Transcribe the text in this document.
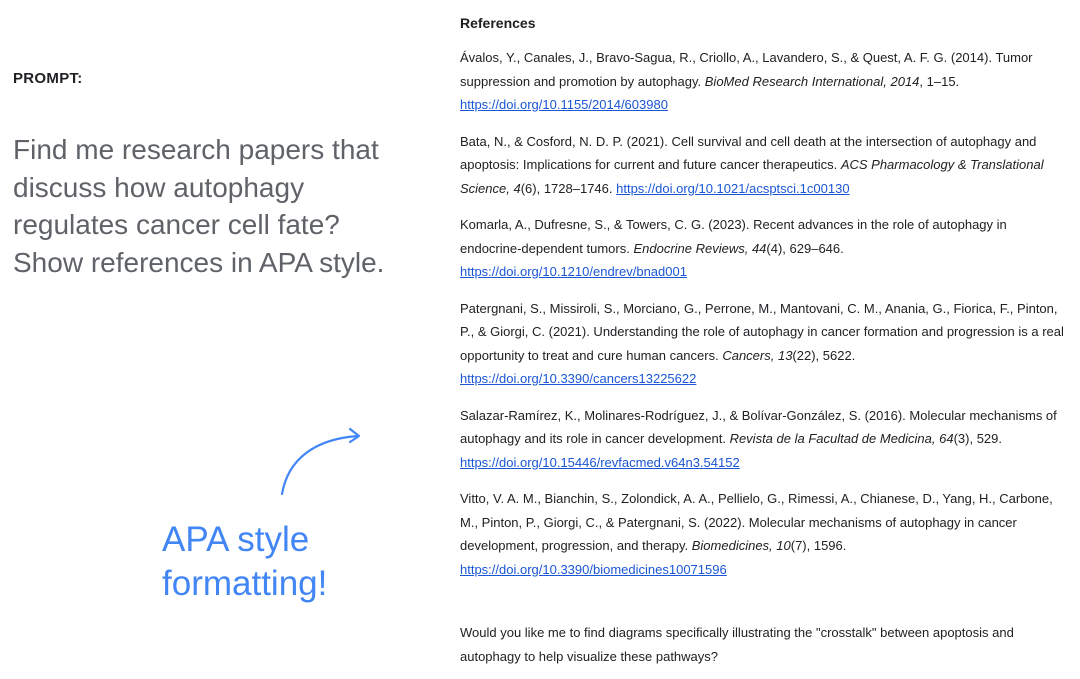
PROMPT:
Find me research papers that discuss how autophagy regulates cancer cell fate? Show references in APA style.
APA style
formatting!
References

Ávalos, Y., Canales, J., Bravo-Sagua, R., Criollo, A., Lavandero, S., & Quest, A. F. G. (2014). Tumor suppression and promotion by autophagy. BioMed Research International, 2014, 1–15.
https://doi.org/10.1155/2014/603980

Bata, N., & Cosford, N. D. P. (2021). Cell survival and cell death at the intersection of autophagy and apoptosis: Implications for current and future cancer therapeutics. ACS Pharmacology & Translational Science, 4(6), 1728–1746. https://doi.org/10.1021/acsptsci.1c00130

Komarla, A., Dufresne, S., & Towers, C. G. (2023). Recent advances in the role of autophagy in endocrine-dependent tumors. Endocrine Reviews, 44(4), 629–646.
https://doi.org/10.1210/endrev/bnad001

Patergnani, S., Missiroli, S., Morciano, G., Perrone, M., Mantovani, C. M., Anania, G., Fiorica, F., Pinton, P., & Giorgi, C. (2021). Understanding the role of autophagy in cancer formation and progression is a real opportunity to treat and cure human cancers. Cancers, 13(22), 5622.
https://doi.org/10.3390/cancers13225622

Salazar-Ramírez, K., Molinares-Rodríguez, J., & Bolívar-González, S. (2016). Molecular mechanisms of autophagy and its role in cancer development. Revista de la Facultad de Medicina, 64(3), 529. https://doi.org/10.15446/revfacmed.v64n3.54152

Vitto, V. A. M., Bianchin, S., Zolondick, A. A., Pellielo, G., Rimessi, A., Chianese, D., Yang, H., Carbone, M., Pinton, P., Giorgi, C., & Patergnani, S. (2022). Molecular mechanisms of autophagy in cancer development, progression, and therapy. Biomedicines, 10(7), 1596.
https://doi.org/10.3390/biomedicines10071596

Would you like me to find diagrams specifically illustrating the "crosstalk" between apoptosis and autophagy to help visualize these pathways?
